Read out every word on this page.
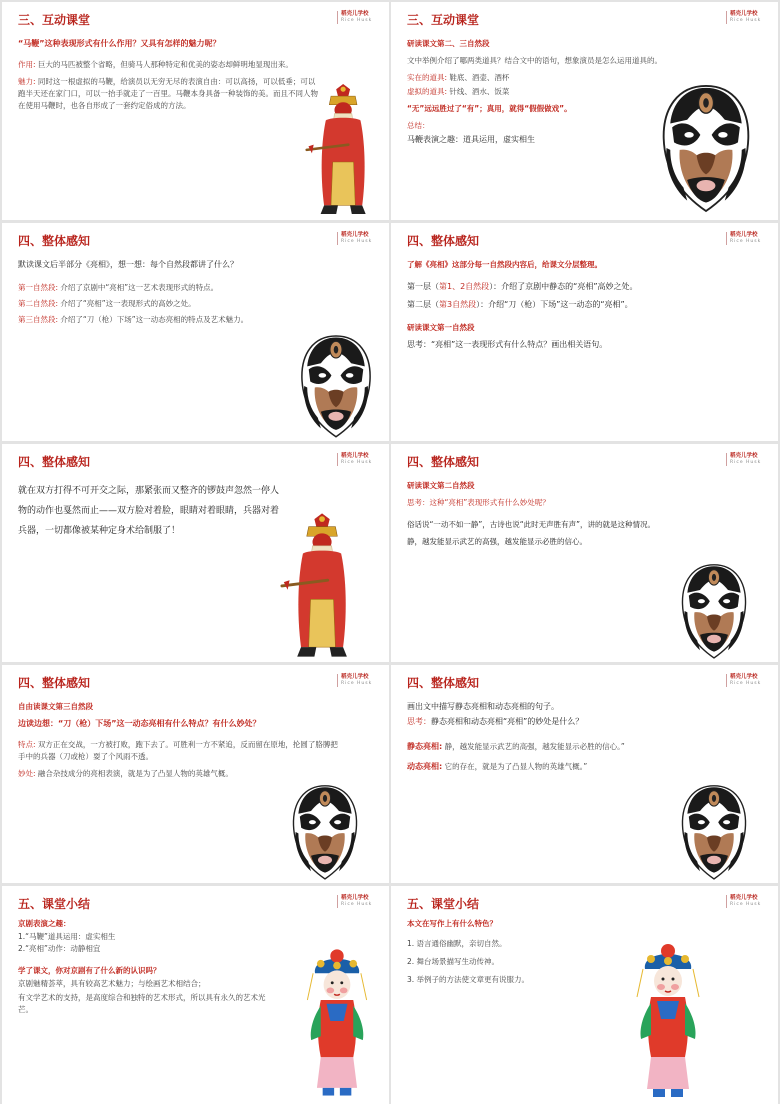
三、互动课堂	稻壳儿学校
Rice Husk

“马鞭”这种表现形式有什么作用？又具有怎样的魅力呢？

作用: 巨大的马匹被整个省略，但骑马人那种特定和优美的姿态却鲜明地显现出来。

魅力: 同时这一根虚拟的马鞭，给演员以无穷无尽的表演自由：可以高扬，可以低垂；可以跑半天还在家门口，可以一抬手就走了一百里。马鞭本身具备一种装饰的美。而且不同人物在使用马鞭时，也各自形成了一套约定俗成的方法。

三、互动课堂	稻壳儿学校
Rice Husk

研读课文第二、三自然段

文中举例介绍了哪两类道具？结合文中的语句，想象演员是怎么运用道具的。

实在的道具: 鞋底、酒壶、酒杯

虚拟的道具: 针线、酒水、饭菜

“无”远远胜过了“有”；真用，就得“假假做戏”。

总结：

马鞭表演之趣：道具运用，虚实相生

四、整体感知	稻壳儿学校
Rice Husk

默读课文后半部分《亮相》，想一想：每个自然段都讲了什么？

第一自然段: 介绍了京剧中“亮相”这一艺术表现形式的特点。

第二自然段: 介绍了“亮相”这一表现形式的高妙之处。

第三自然段: 介绍了“刀（枪）下场”这一动态亮相的特点及艺术魅力。

四、整体感知	稻壳儿学校
Rice Husk

了解《亮相》这部分每一自然段内容后，给课文分层整理。

第一层（第1、2自然段）：介绍了京剧中静态的“亮相”高妙之处。

第二层（第3自然段）：介绍“刀（枪）下场”这一动态的“亮相”。

研读课文第一自然段

思考：“亮相”这一表现形式有什么特点？画出相关语句。

四、整体感知	稻壳儿学校
Rice Husk

就在双方打得不可开交之际，那紧张而又整齐的锣鼓声忽然一停人物的动作也戛然而止——双方脸对着脸，眼睛对着眼睛，兵器对着兵器，一切都像被某种定身术给制服了！

四、整体感知	稻壳儿学校
Rice Husk

研读课文第二自然段

思考：这种“亮相”表现形式有什么妙处呢？

俗话说“一动不如一静”，古诗也说“此时无声胜有声”，讲的就是这种情况。

静，越发能显示武艺的高强，越发能显示必胜的信心。

四、整体感知	稻壳儿学校
Rice Husk

自由读课文第三自然段

边读边想：“刀（枪）下场”这一动态亮相有什么特点？有什么妙处？

特点: 双方正在交战，一方被打败，跑下去了。可胜利一方不紧追，反而留在原地，抡圆了胳膊把手中的兵器（刀或枪）耍了个风雨不透。

妙处: 融合杂技成分的亮相表演，就是为了凸显人物的英雄气概。

四、整体感知	稻壳儿学校
Rice Husk

画出文中描写静态亮相和动态亮相的句子。

思考：静态亮相和动态亮相“亮相”的妙处是什么？

静态亮相: 静，越发能显示武艺的高强，越发能显示必胜的信心。”

动态亮相: 它的存在，就是为了凸显人物的英雄气概。”

五、课堂小结	稻壳儿学校
Rice Husk

京剧表演之趣：

1.“马鞭”道具运用：虚实相生

2.“亮相”动作：动静相宜

学了课文，你对京剧有了什么新的认识吗？

京剧魅精荟萃，具有较高艺术魅力；与绘画艺术相结合；

有文学艺术的支持，是高度综合和独特的艺术形式，所以具有永久的艺术光芒。

五、课堂小结	稻壳儿学校
Rice Husk

本文在写作上有什么特色？

1. 语言通俗幽默，亲切自然。

2. 舞台场景描写生动传神。

3. 举例子的方法使文章更有说服力。
